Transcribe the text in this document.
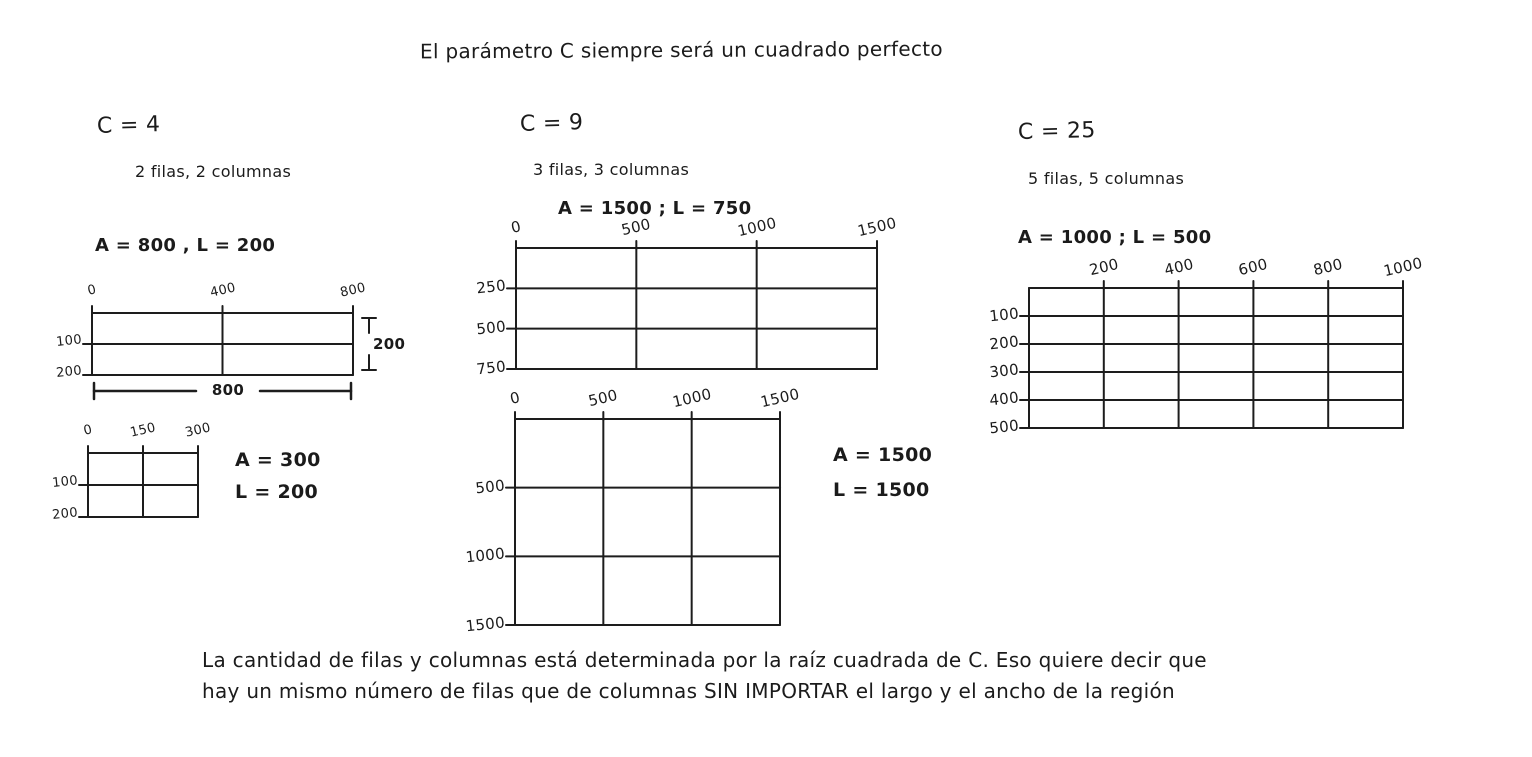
El parámetro C siempre será un cuadrado perfecto
C = 4
2 filas, 2 columnas
A = 800 , L = 200
C = 9
3 filas, 3 columnas
A = 1500 ; L = 750
C = 25
5 filas, 5 columnas
A = 1000 ; L = 500
La cantidad de filas y columnas está determinada por la raíz cuadrada de C. Eso quiere decir que
hay un mismo número de filas que de columnas SIN IMPORTAR el largo y el ancho de la región
0	400	800
100
200
200
800
0	150	300
100
200
A = 300
L = 200
0	500	1000	1500
250
500
750
0	500	1000	1500
500
1000
1500
A = 1500
L = 1500
200	400	600	800	1000
100
200
300
400
500
